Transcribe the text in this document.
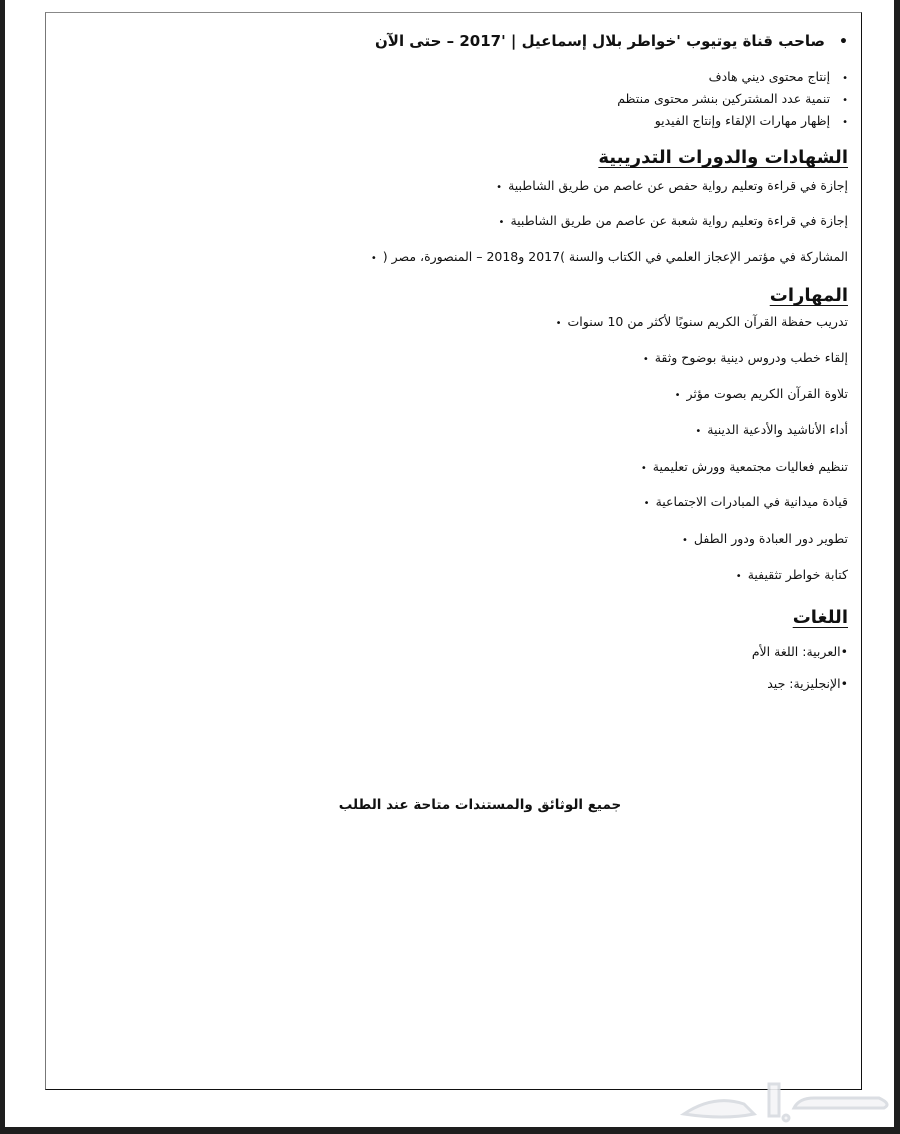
•صاحب قناة يوتيوب 'خواطر بلال إسماعيل | '2017 – حتى الآن
•إنتاج محتوى ديني هادف
•تنمية عدد المشتركين بنشر محتوى منتظم
•إظهار مهارات الإلقاء وإنتاج الفيديو
الشهادات والدورات التدريبية
إجازة في قراءة وتعليم رواية حفص عن عاصم من طريق الشاطبية•
إجازة في قراءة وتعليم رواية شعبة عن عاصم من طريق الشاطبية•
المشاركة في مؤتمر الإعجاز العلمي في الكتاب والسنة )2017 و2018 – المنصورة، مصر (•
المهارات
تدريب حفظة القرآن الكريم سنويًا لأكثر من 10 سنوات•
إلقاء خطب ودروس دينية بوضوح وثقة•
تلاوة القرآن الكريم بصوت مؤثر•
أداء الأناشيد والأدعية الدينية•
تنظيم فعاليات مجتمعية وورش تعليمية•
قيادة ميدانية في المبادرات الاجتماعية•
تطوير دور العبادة ودور الطفل•
كتابة خواطر تثقيفية•
اللغات
•العربية: اللغة الأم
•الإنجليزية: جيد
جميع الوثائق والمستندات متاحة عند الطلب
